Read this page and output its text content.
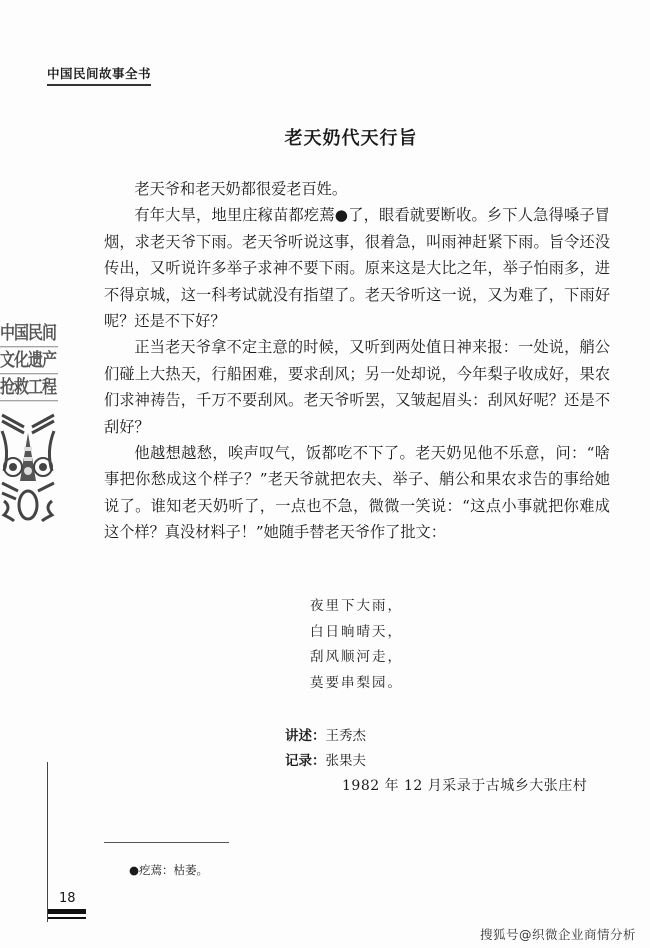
中国民间故事全书
老天奶代天行旨

老天爷和老天奶都很爱老百姓。

有年大旱，地里庄稼苗都疙蔫●了，眼看就要断收。乡下人急得嗓子冒烟，求老天爷下雨。老天爷听说这事，很着急，叫雨神赶紧下雨。旨令还没传出，又听说许多举子求神不要下雨。原来这是大比之年，举子怕雨多，进不得京城，这一科考试就没有指望了。老天爷听这一说，又为难了，下雨好呢？还是不下好？

正当老天爷拿不定主意的时候，又听到两处值日神来报：一处说，艄公们碰上大热天，行船困难，要求刮风；另一处却说，今年梨子收成好，果农们求神祷告，千万不要刮风。老天爷听罢，又皱起眉头：刮风好呢？还是不刮好？

他越想越愁，唉声叹气，饭都吃不下了。老天奶见他不乐意，问：“啥事把你愁成这个样子？”老天爷就把农夫、举子、艄公和果农求告的事给她说了。谁知老天奶听了，一点也不急，微微一笑说：“这点小事就把你难成这个样？真没材料子！”她随手替老天爷作了批文：

夜里下大雨，
白日晌晴天，
刮风顺河走，
莫要串梨园。
讲述：王秀杰
记录：张果夫
1982 年 12 月采录于古城乡大张庄村
中国民间
文化遗产
抢救工程
●疙蔫：枯萎。
18
搜狐号@织微企业商情分析
